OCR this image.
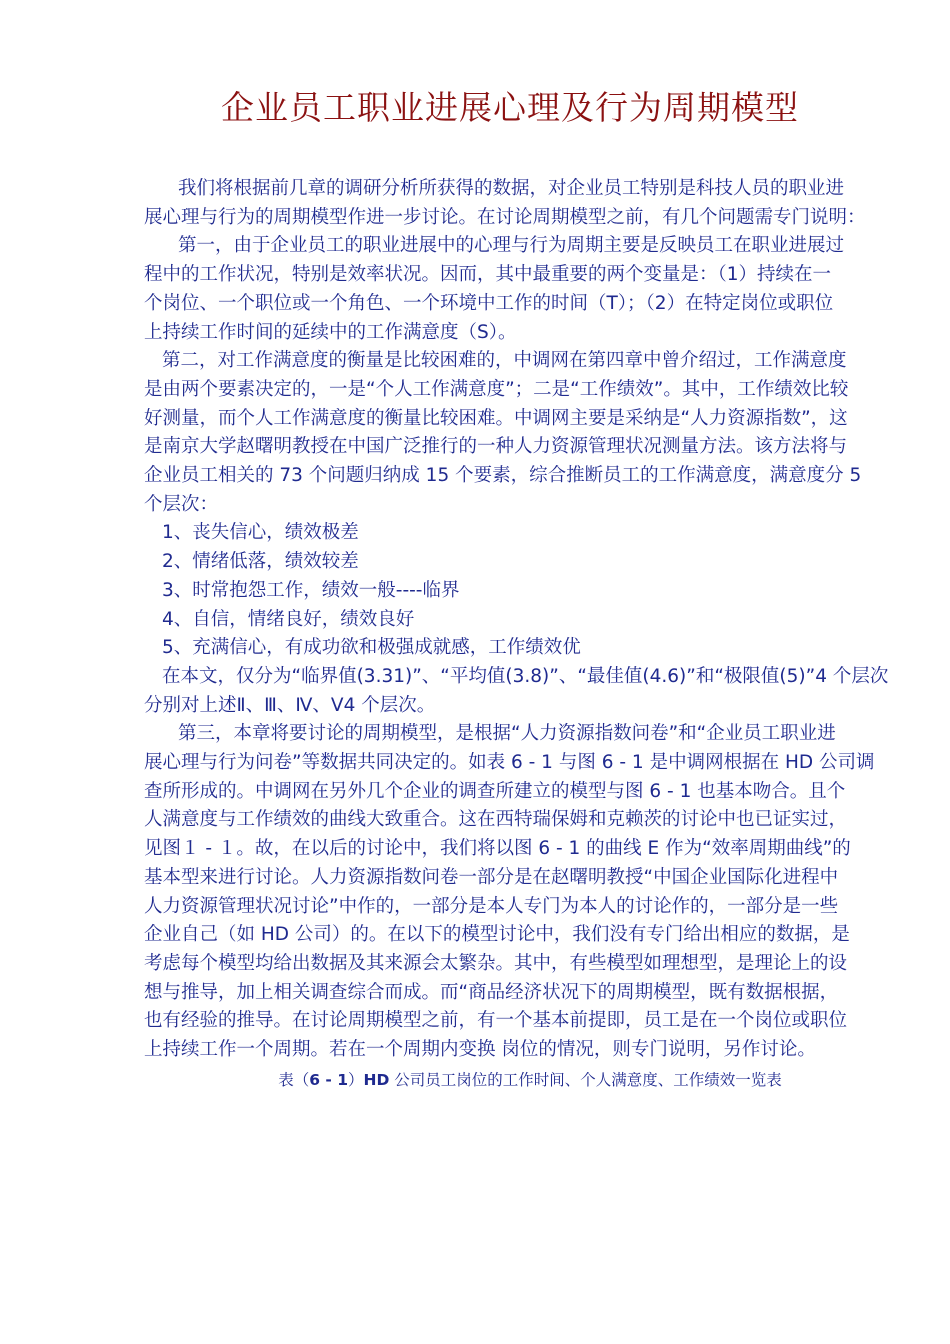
企业员工职业进展心理及行为周期模型

我们将根据前几章的调研分析所获得的数据，对企业员工特别是科技人员的职业进

展心理与行为的周期模型作进一步讨论。在讨论周期模型之前，有几个问题需专门说明：

第一，由于企业员工的职业进展中的心理与行为周期主要是反映员工在职业进展过

程中的工作状况，特别是效率状况。因而，其中最重要的两个变量是：（1）持续在一

个岗位、一个职位或一个角色、一个环境中工作的时间（T）；（2）在特定岗位或职位

上持续工作时间的延续中的工作满意度（S）。

第二，对工作满意度的衡量是比较困难的，中调网在第四章中曾介绍过，工作满意度

是由两个要素决定的，一是“个人工作满意度”；二是“工作绩效”。其中，工作绩效比较

好测量，而个人工作满意度的衡量比较困难。中调网主要是采纳是“人力资源指数”，这

是南京大学赵曙明教授在中国广泛推行的一种人力资源管理状况测量方法。该方法将与

企业员工相关的 73 个问题归纳成 15 个要素，综合推断员工的工作满意度，满意度分 5

个层次：

1、丧失信心，绩效极差

2、情绪低落，绩效较差

3、时常抱怨工作，绩效一般----临界

4、自信，情绪良好，绩效良好

5、充满信心，有成功欲和极强成就感，工作绩效优

在本文，仅分为“临界值(3.31)”、“平均值(3.8)”、“最佳值(4.6)”和“极限值(5)”4 个层次

分别对上述Ⅱ、Ⅲ、Ⅳ、Ⅴ4 个层次。

第三，本章将要讨论的周期模型，是根据“人力资源指数问卷”和“企业员工职业进

展心理与行为问卷”等数据共同决定的。如表 6 - 1 与图 6 - 1 是中调网根据在 HD 公司调

查所形成的。中调网在另外几个企业的调查所建立的模型与图 6 - 1 也基本吻合。且个

人满意度与工作绩效的曲线大致重合。这在西特瑞保姆和克赖茨的讨论中也已证实过，

见图１ - １。故，在以后的讨论中，我们将以图 6 - 1 的曲线 E 作为“效率周期曲线”的

基本型来进行讨论。人力资源指数问卷一部分是在赵曙明教授“中国企业国际化进程中

人力资源管理状况讨论”中作的，一部分是本人专门为本人的讨论作的，一部分是一些

企业自己（如 HD 公司）的。在以下的模型讨论中，我们没有专门给出相应的数据，是

考虑每个模型均给出数据及其来源会太繁杂。其中，有些模型如理想型，是理论上的设

想与推导，加上相关调查综合而成。而“商品经济状况下的周期模型，既有数据根据，

也有经验的推导。在讨论周期模型之前，有一个基本前提即，员工是在一个岗位或职位

上持续工作一个周期。若在一个周期内变换 岗位的情况，则专门说明，另作讨论。

表（6 - 1）HD 公司员工岗位的工作时间、个人满意度、工作绩效一览表
